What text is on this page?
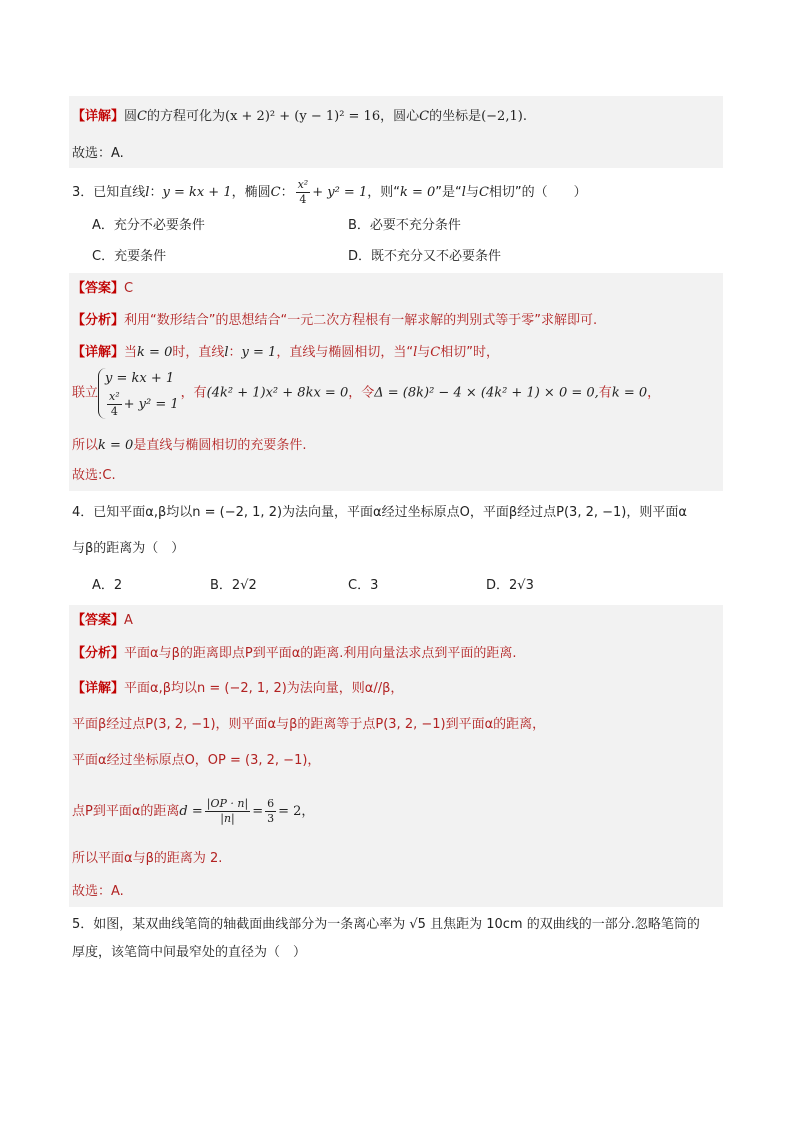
【详解】圆C的方程可化为(x + 2)² + (y − 1)² = 16，圆心C的坐标是(−2,1).
故选：A.
3．已知直线l：y = kx + 1，椭圆C： $\frac{\text{x²}}{4} + y^2 = 1$，则“k = 0”是“l与C相切”的（　　）
A．充分不必要条件	B．必要不充分条件
C．充要条件	D．既不充分又不必要条件
【答案】C
【分析】利用“数形结合”的思想结合“一元二次方程根有一解求解的判别式等于零”求解即可.
【详解】当k = 0时，直线l：y = 1，直线与椭圆相切，当“l与C相切”时，
联立
y = kx + 1
$\frac{\text{x²}}{4} + y^2 = 1$
，有(4k² + 1)x² + 8kx = 0，令Δ = (8k)² − 4 × (4k² + 1) × 0 = 0,有k = 0，
所以k = 0是直线与椭圆相切的充要条件.
故选:C.
4．已知平面α,β均以n = (−2, 1, 2)为法向量，平面α经过坐标原点O，平面β经过点P(3, 2, −1)，则平面α
与β的距离为（　）
A．2	B．2√2	C．3	D．2√3
【答案】A
【分析】平面α与β的距离即点P到平面α的距离.利用向量法求点到平面的距离.
【详解】平面α,β均以n = (−2, 1, 2)为法向量，则α//β，
平面β经过点P(3, 2, −1)，则平面α与β的距离等于点P(3, 2, −1)到平面α的距离，
平面α经过坐标原点O，OP = (3, 2, −1)，
点P到平面α的距离$d = \frac{|OP \cdot n|}{|n|} = \frac{6}{3} = 2$，
所以平面α与β的距离为 2.
故选：A.
5．如图，某双曲线笔筒的轴截面曲线部分为一条离心率为 √5 且焦距为 10cm 的双曲线的一部分.忽略笔筒的
厚度，该笔筒中间最窄处的直径为（　）
